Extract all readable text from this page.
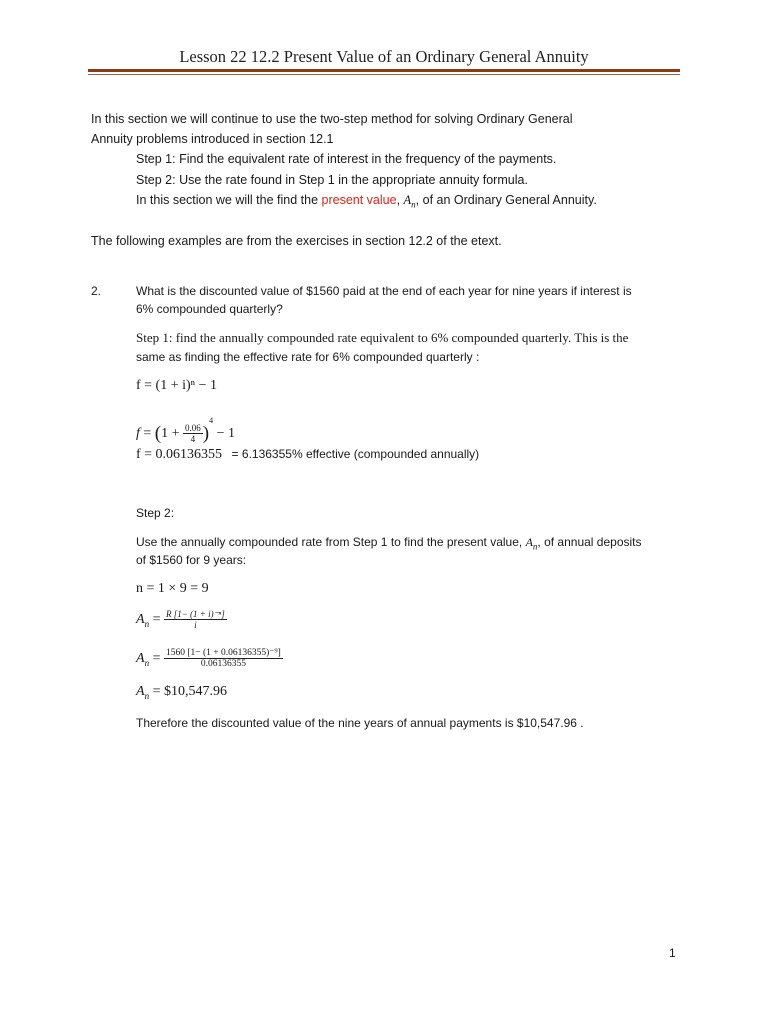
Lesson 22 12.2 Present Value of an Ordinary General Annuity
In this section we will continue to use the two-step method for solving Ordinary General
Annuity problems introduced in section 12.1
Step 1: Find the equivalent rate of interest in the frequency of the payments.
Step 2: Use the rate found in Step 1 in the appropriate annuity formula.
In this section we will the find the present value, $A_n$, of an Ordinary General Annuity.
The following examples are from the exercises in section 12.2 of the etext.
2.	What is the discounted value of $1560 paid at the end of each year for nine years if interest is
6% compounded quarterly?
Step 1: find the annually compounded rate equivalent to 6% compounded quarterly. This is the
same as finding the effective rate for 6% compounded quarterly :
f = (1 + i)ⁿ − 1
$f = (1 + \frac{0.06}{4} )^4 - 1$
f = 0.06136355 = 6.136355% effective (compounded annually)
Step 2:
Use the annually compounded rate from Step 1 to find the present value, $A_n$, of annual deposits
of $1560 for 9 years:
n = 1 × 9 = 9
$A_n = \frac{\text{R [1− (1 + i)⁻ⁿ]}}{i}$
$A_n = \frac{\text{1560 [1− (1 + 0.06136355)⁻⁹]}}{0.06136355}$
$A_n$ = $10,547.96
Therefore the discounted value of the nine years of annual payments is $10,547.96 .
1
